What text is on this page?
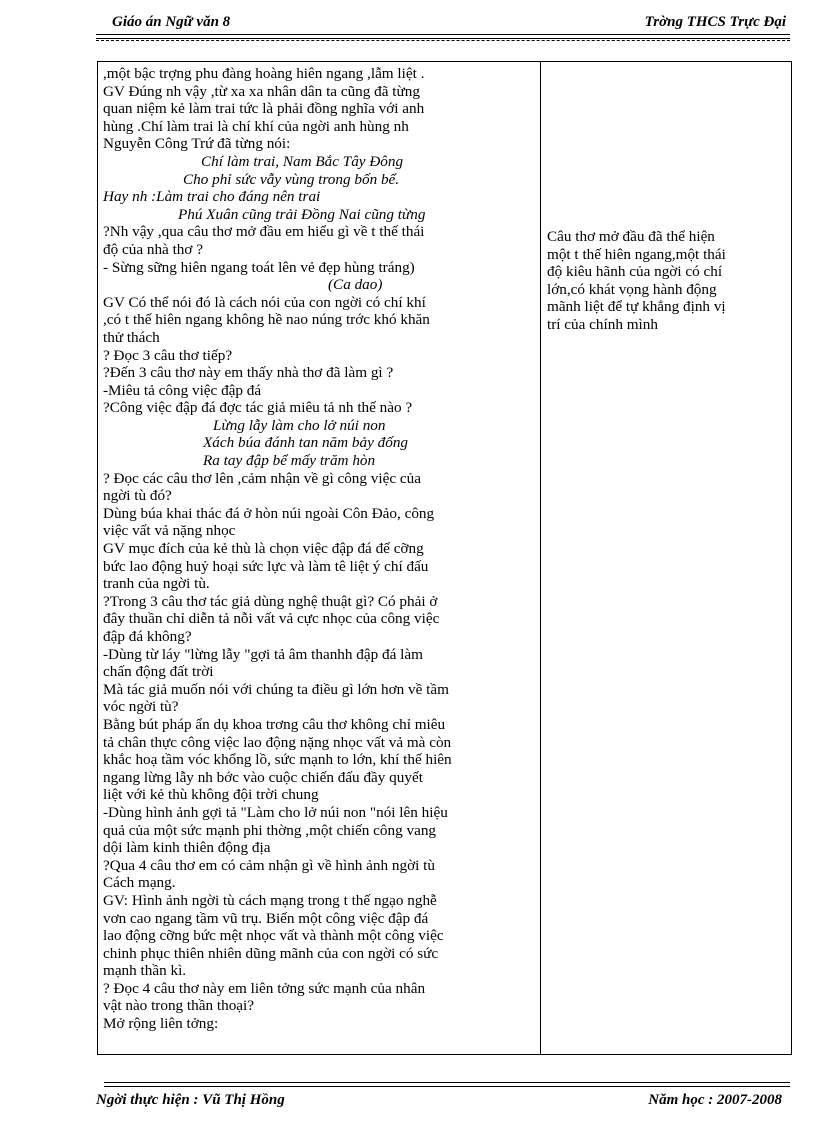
Giáo án Ngữ văn 8	Trờng THCS Trực Đại
,một bậc trợng phu đàng hoàng hiên ngang ,lẫm liệt .
GV Đúng nh vậy ,từ xa xa nhân dân ta cũng đã từng
quan niệm kẻ làm trai tức là phải đồng nghĩa với anh
hùng .Chí làm trai là chí khí của ngời anh hùng nh
Nguyễn Công Trứ đã từng nói:
Chí làm trai, Nam Bắc Tây Đông
Cho phỉ sức vẫy vùng trong bốn bể.
Hay nh :Làm trai cho đáng nên trai
Phú Xuân cũng trải Đồng Nai cũng từng
?Nh vậy ,qua câu thơ mở đầu em hiểu gì về t thế thái
độ của nhà thơ ?
- Sừng sững hiên ngang toát lên vẻ đẹp hùng tráng)
(Ca dao)
GV Có thể nói đó là cách nói của con ngời có chí khí
,có t thế hiên ngang không hề nao núng trớc khó khăn
thử thách
? Đọc 3 câu thơ tiếp?
?Đến 3 câu thơ này em thấy nhà thơ đã làm gì ?
-Miêu tả công việc đập đá
?Công việc đập đá đợc tác giả miêu tả nh thế nào ?
Lừng lẫy làm cho lở núi non
Xách búa đánh tan năm bảy đống
Ra tay đập bể mấy trăm hòn
? Đọc các câu thơ lên ,cảm nhận về gì công việc của
ngời tù đó?
Dùng búa khai thác đá ở hòn núi ngoài Côn Đảo, công
việc vất vả nặng nhọc
GV mục đích của kẻ thù là chọn việc đập đá để cỡng
bức lao động huỷ hoại sức lực và làm tê liệt ý chí đấu
tranh của ngời tù.
?Trong 3 câu thơ tác giả dùng nghệ thuật gì? Có phải ở
đây thuần chỉ diễn tả nỗi vất vả cực nhọc của công việc
đập đá không?
-Dùng từ láy "lừng lẫy "gợi tả âm thanhh đập đá làm
chấn động đất trời
Mà tác giả muốn nói với chúng ta điều gì lớn hơn về tầm
vóc ngời tù?
Bằng bút pháp ẩn dụ khoa trơng câu thơ không chỉ miêu
tả chân thực công việc lao động nặng nhọc vất vả mà còn
khắc hoạ tầm vóc khổng lồ, sức mạnh to lớn, khí thế hiên
ngang lừng lẫy nh bớc vào cuộc chiến đấu đầy quyết
liệt với kẻ thù không đội trời chung
-Dùng hình ảnh gợi tả "Làm cho lở núi non "nói lên hiệu
quả của một sức mạnh phi thờng ,một chiến công vang
dội làm kinh thiên động địa
?Qua 4 câu thơ em có cảm nhận gì về hình ảnh ngời tù
Cách mạng.
GV: Hình ảnh ngời tù cách mạng trong t thế ngạo nghễ
vơn cao ngang tầm vũ trụ. Biến một công việc đập đá
lao động cỡng bức mệt nhọc vất và thành một công việc
chinh phục thiên nhiên dũng mãnh của con ngời có sức
mạnh thần kì.
? Đọc 4 câu thơ này em liên tởng sức mạnh của nhân
vật nào trong thần thoại?
Mở rộng liên tởng:
Câu thơ mở đầu đã thể hiện
một t thế hiên ngang,một thái
độ kiêu hãnh của ngời có chí
lớn,có khát vọng hành động
mãnh liệt để tự khẳng định vị
trí của chính mình
Ngời thực hiện : Vũ Thị Hồng	Năm học : 2007-2008
